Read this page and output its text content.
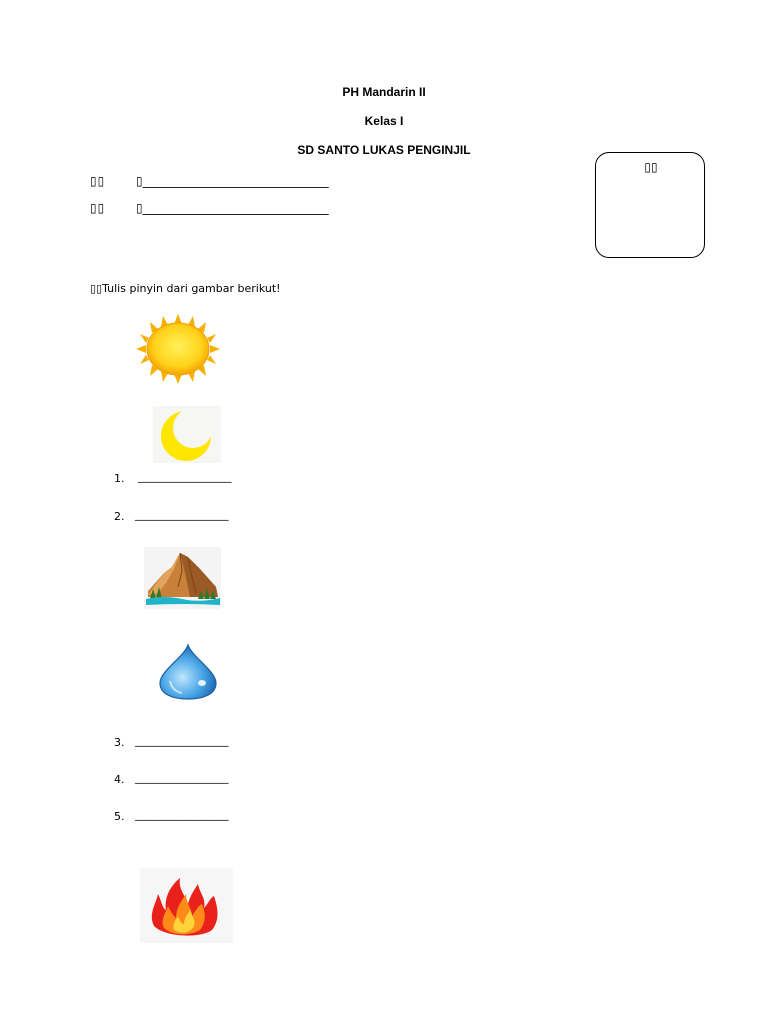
PH Mandarin II
Kelas I
SD SANTO LUKAS PENGINJIL
▯▯	▯_______________________________
▯▯	▯_______________________________
▯▯
▯▯Tulis pinyin dari gambar berikut!
1. _________________
2. _________________
3. _________________
4. _________________
5. _________________
